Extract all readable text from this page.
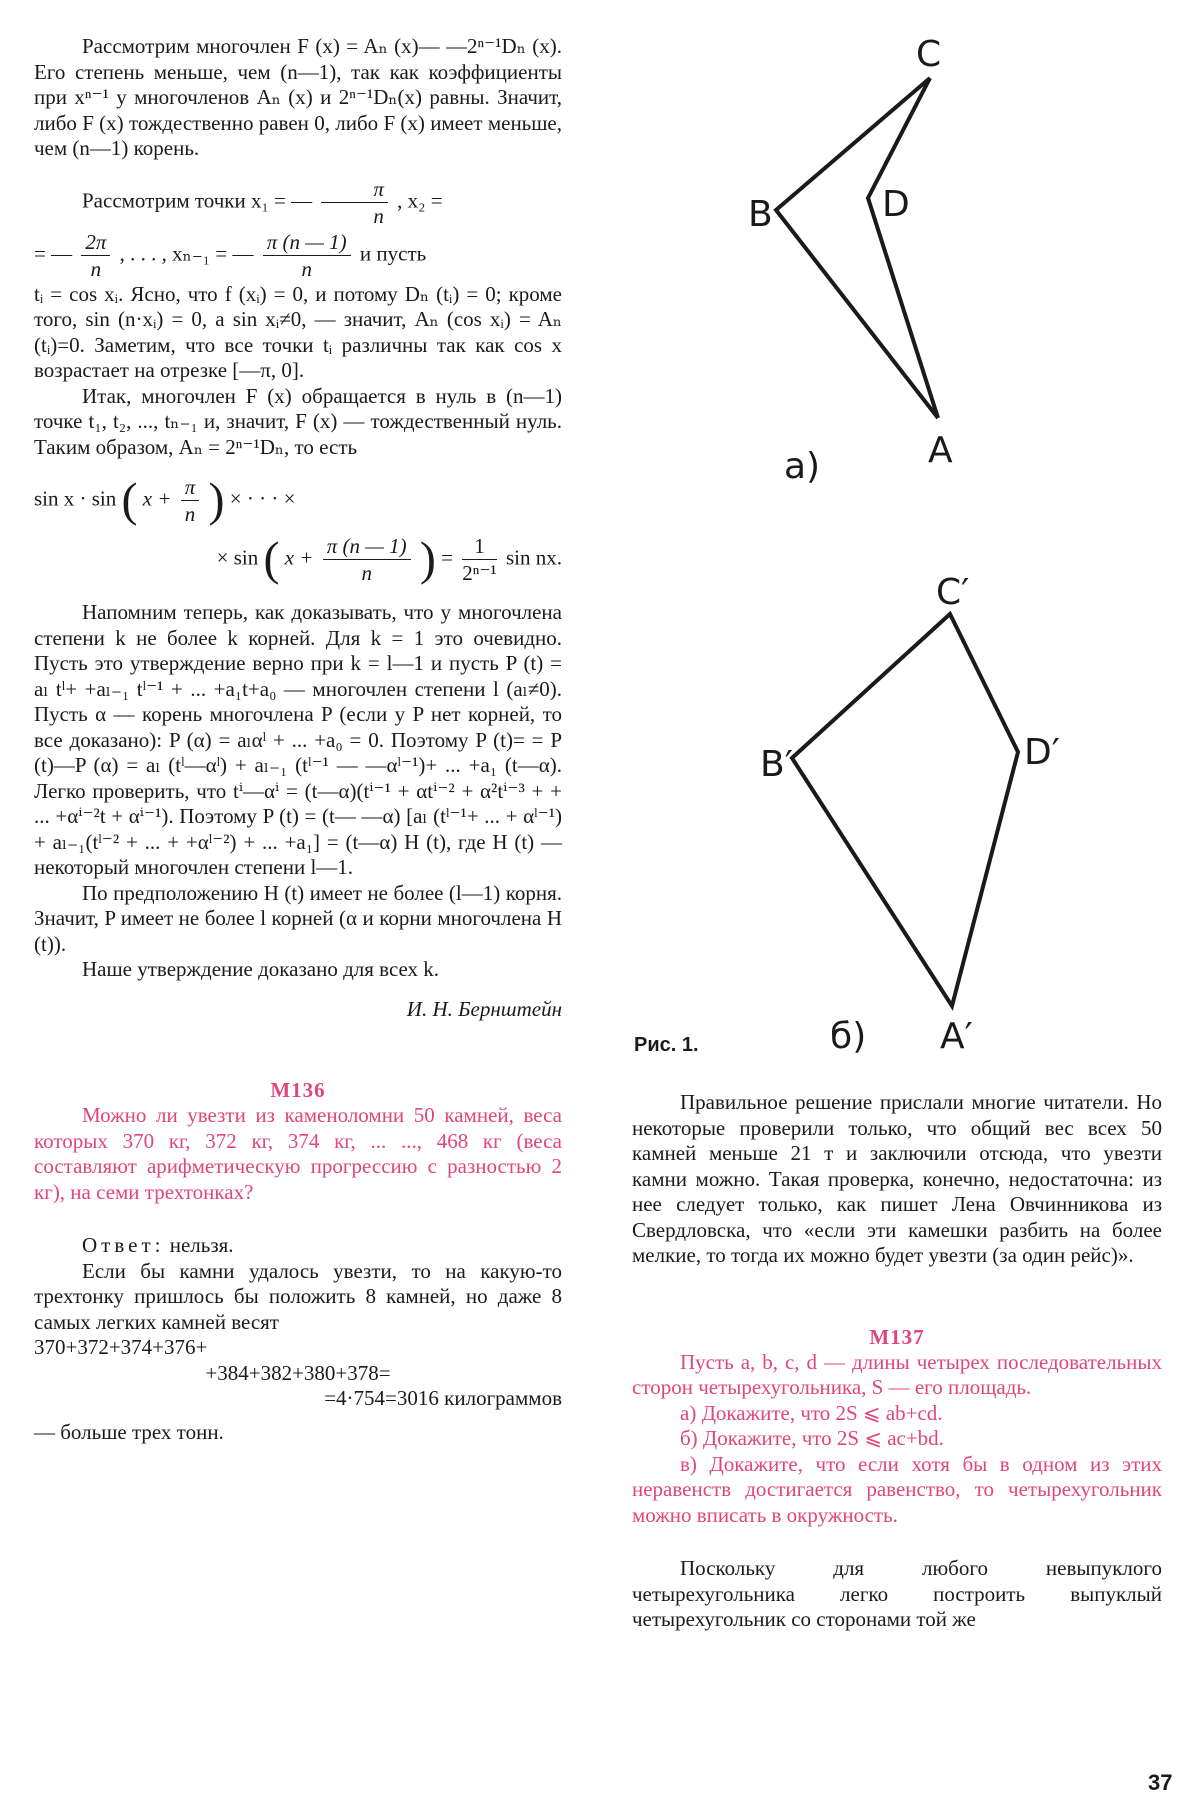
Рассмотрим многочлен F (x) = Aₙ (x)— —2ⁿ⁻¹Dₙ (x). Его степень меньше, чем (n—1), так как коэффициенты при xⁿ⁻¹ у многочленов Aₙ (x) и 2ⁿ⁻¹Dₙ(x) равны. Значит, либо F (x) тождественно равен 0, либо F (x) имеет меньше, чем (n—1) корень.

Рассмотрим точки x₁ = — $\frac{\pi}{n}$ , x₂ =

= — $\frac{2\pi}{n}$ , . . . , xₙ₋₁ = — $\frac{\pi (n — 1)}{n}$ и пусть

tᵢ = cos xᵢ. Ясно, что f (xᵢ) = 0, и потому Dₙ (tᵢ) = 0; кроме того, sin (n·xᵢ) = 0, а sin xᵢ≠0, — значит, Aₙ (cos xᵢ) = Aₙ (tᵢ)=0. Заметим, что все точки tᵢ различны так как cos x возрастает на отрезке [—π, 0].

Итак, многочлен F (x) обращается в нуль в (n—1) точке t₁, t₂, ..., tₙ₋₁ и, значит, F (x) — тождественный нуль. Таким образом, Aₙ = 2ⁿ⁻¹Dₙ, то есть

sin x · sin ( $x + \frac{\pi}{n}$ ) × · · · ×

× sin ( $x + \frac{\pi (n — 1)}{n}$ ) = $\frac{1}{\text{2ⁿ⁻¹}}$ sin nx.

Напомним теперь, как доказывать, что у многочлена степени k не более k корней. Для k = 1 это очевидно. Пусть это утверждение верно при k = l—1 и пусть P (t) = aₗ tˡ+ +aₗ₋₁ tˡ⁻¹ + ... +a₁t+a₀ — многочлен степени l (aₗ≠0). Пусть α — корень многочлена P (если у P нет корней, то все доказано): P (α) = aₗαˡ + ... +a₀ = 0. Поэтому P (t)= = P (t)—P (α) = aₗ (tˡ—αˡ) + aₗ₋₁ (tˡ⁻¹ — —αˡ⁻¹)+ ... +a₁ (t—α). Легко проверить, что tⁱ—αⁱ = (t—α)(tⁱ⁻¹ + αtⁱ⁻² + α²tⁱ⁻³ + + ... +αⁱ⁻²t + αⁱ⁻¹). Поэтому P (t) = (t— —α) [aₗ (tˡ⁻¹+ ... + αˡ⁻¹) + aₗ₋₁(tˡ⁻² + ... + +αˡ⁻²) + ... +a₁] = (t—α) H (t), где H (t) — некоторый многочлен степени l—1.

По предположению H (t) имеет не более (l—1) корня. Значит, P имеет не более l корней (α и корни многочлена H (t)).

Наше утверждение доказано для всех k.

И. Н. Бернштейн

М136

Можно ли увезти из каменоломни 50 камней, веса которых 370 кг, 372 кг, 374 кг, ... ..., 468 кг (веса составляют арифметическую прогрессию с разностью 2 кг), на семи трехтонках?

Ответ: нельзя.

Если бы камни удалось увезти, то на какую-то трехтонку пришлось бы положить 8 камней, но даже 8 самых легких камней весят

370+372+374+376+

+384+382+380+378=

=4·754=3016 килограммов

— больше трех тонн.

C
B	D
A
а)
C′
B′	D′
A′
б)
Рис. 1.

Правильное решение прислали многие читатели. Но некоторые проверили только, что общий вес всех 50 камней меньше 21 т и заключили отсюда, что увезти камни можно. Такая проверка, конечно, недостаточна: из нее следует только, как пишет Лена Овчинникова из Свердловска, что «если эти камешки разбить на более мелкие, то тогда их можно будет увезти (за один рейс)».

М137

Пусть a, b, c, d — длины четырех последовательных сторон четырехугольника, S — его площадь.

а) Докажите, что 2S ⩽ ab+cd.

б) Докажите, что 2S ⩽ ac+bd.

в) Докажите, что если хотя бы в одном из этих неравенств достигается равенство, то четырехугольник можно вписать в окружность.

Поскольку для любого невыпуклого четырехугольника легко построить выпуклый четырехугольник со сторонами той же

37
